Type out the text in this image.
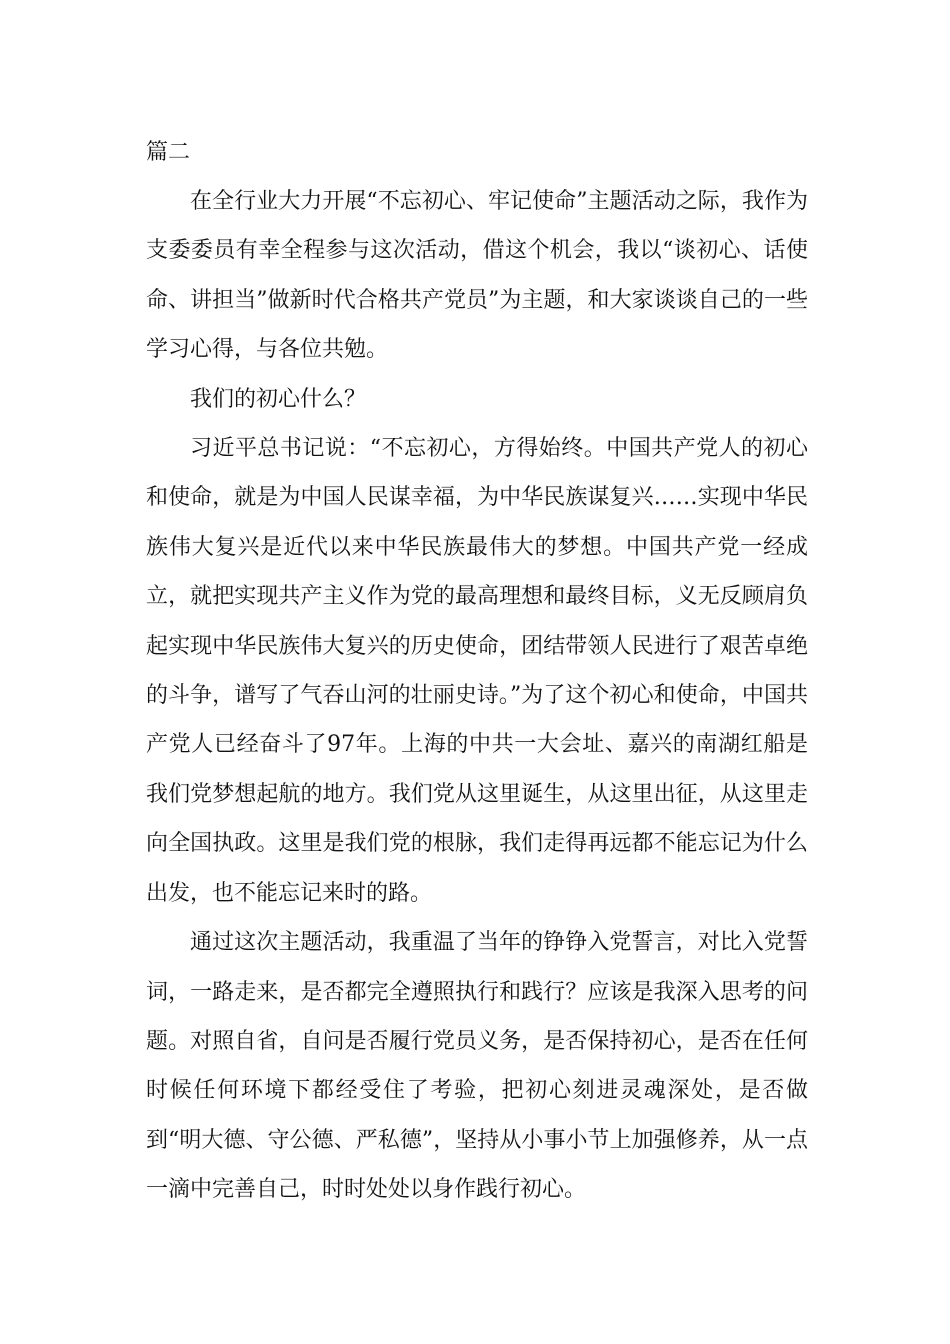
篇二

在全行业大力开展“不忘初心、牢记使命”主题活动之际，我作为支委委员有幸全程参与这次活动，借这个机会，我以“谈初心、话使命、讲担当”做新时代合格共产党员”为主题，和大家谈谈自己的一些学习心得，与各位共勉。

我们的初心什么？

习近平总书记说：“不忘初心，方得始终。中国共产党人的初心和使命，就是为中国人民谋幸福，为中华民族谋复兴……实现中华民族伟大复兴是近代以来中华民族最伟大的梦想。中国共产党一经成立，就把实现共产主义作为党的最高理想和最终目标，义无反顾肩负起实现中华民族伟大复兴的历史使命，团结带领人民进行了艰苦卓绝的斗争，谱写了气吞山河的壮丽史诗。”为了这个初心和使命，中国共产党人已经奋斗了97年。上海的中共一大会址、嘉兴的南湖红船是我们党梦想起航的地方。我们党从这里诞生，从这里出征，从这里走向全国执政。这里是我们党的根脉，我们走得再远都不能忘记为什么出发，也不能忘记来时的路。

通过这次主题活动，我重温了当年的铮铮入党誓言，对比入党誓词，一路走来，是否都完全遵照执行和践行？应该是我深入思考的问题。对照自省，自问是否履行党员义务，是否保持初心，是否在任何时候任何环境下都经受住了考验，把初心刻进灵魂深处，是否做到“明大德、守公德、严私德”，坚持从小事小节上加强修养，从一点一滴中完善自己，时时处处以身作践行初心。
